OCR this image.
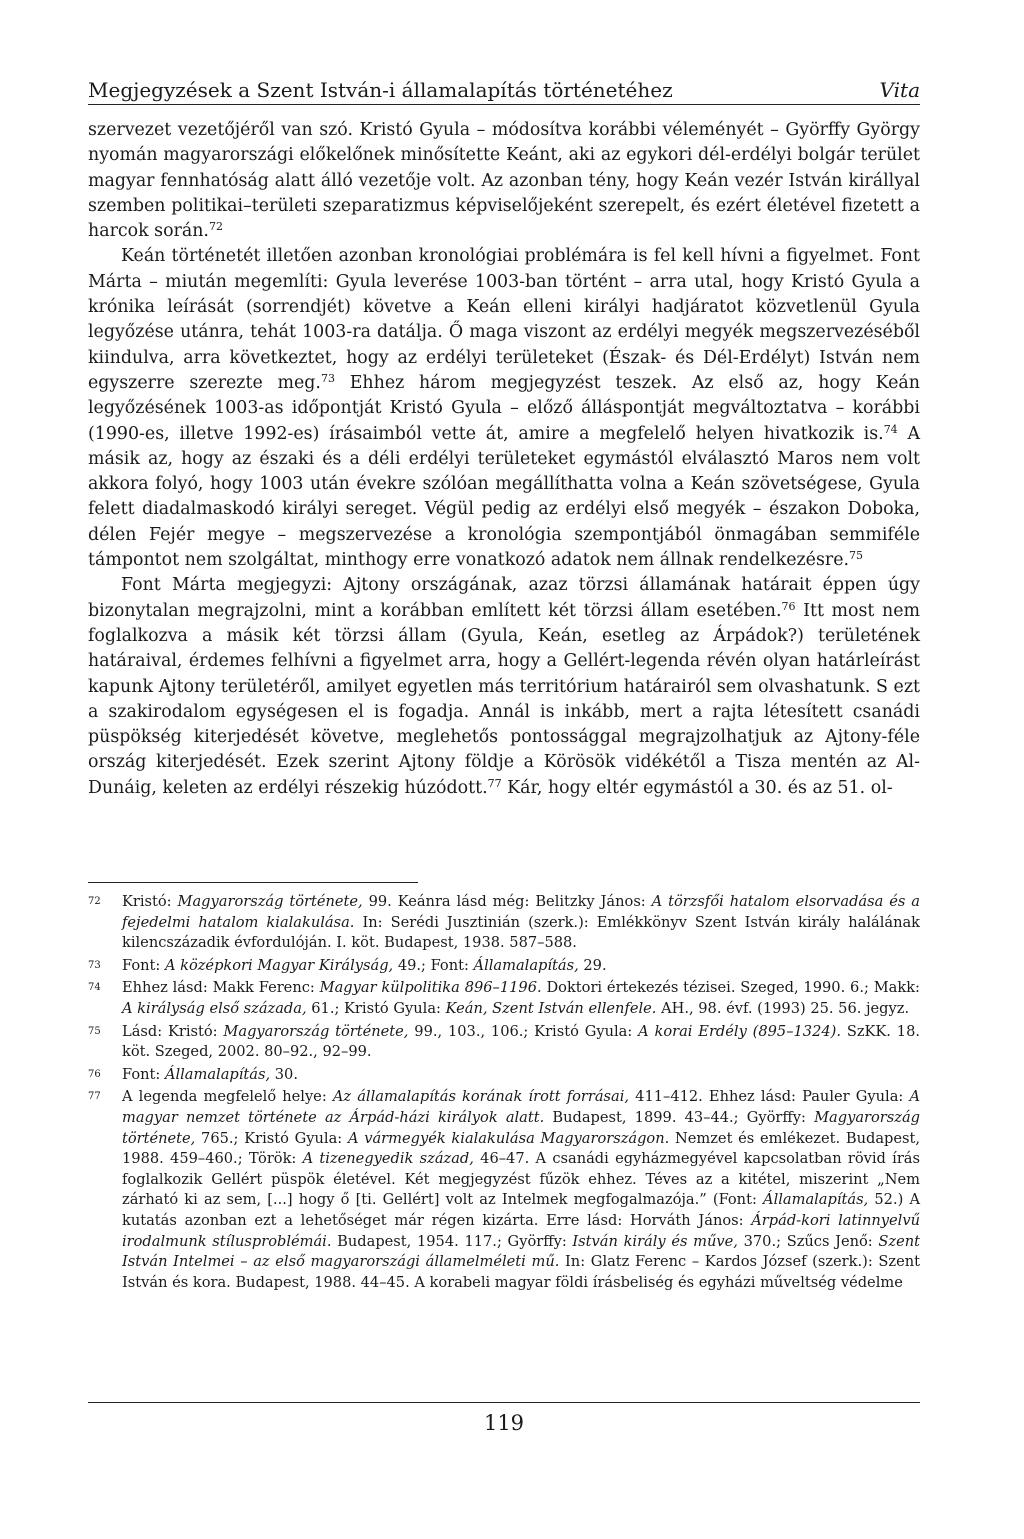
Megjegyzések a Szent István-i államalapítás történetéhez	Vita

szervezet vezetőjéről van szó. Kristó Gyula – módosítva korábbi véleményét – Györffy György nyomán magyarországi előkelőnek minősítette Keánt, aki az egykori dél-erdélyi bolgár terület magyar fennhatóság alatt álló vezetője volt. Az azonban tény, hogy Keán vezér István királlyal szemben politikai–területi szeparatizmus képviselőjeként szerepelt, és ezért életével fizetett a harcok során.$^{72}$

Keán történetét illetően azonban kronológiai problémára is fel kell hívni a figyelmet. Font Márta – miután megemlíti: Gyula leverése 1003-ban történt – arra utal, hogy Kristó Gyula a krónika leírását (sorrendjét) követve a Keán elleni királyi hadjáratot közvetlenül Gyula legyőzése utánra, tehát 1003-ra datálja. Ő maga viszont az erdélyi megyék megszervezéséből kiindulva, arra következtet, hogy az erdélyi területeket (Észak- és Dél-Erdélyt) István nem egyszerre szerezte meg.$^{73}$ Ehhez három megjegyzést teszek. Az első az, hogy Keán legyőzésének 1003-as időpontját Kristó Gyula – előző álláspontját megváltoztatva – korábbi (1990-es, illetve 1992-es) írásaimból vette át, amire a megfelelő helyen hivatkozik is.$^{74}$ A másik az, hogy az északi és a déli erdélyi területeket egymástól elválasztó Maros nem volt akkora folyó, hogy 1003 után évekre szólóan megállíthatta volna a Keán szövetségese, Gyula felett diadalmaskodó királyi sereget. Végül pedig az erdélyi első megyék – északon Doboka, délen Fejér megye – megszervezése a kronológia szempontjából önmagában semmiféle támpontot nem szolgáltat, minthogy erre vonatkozó adatok nem állnak rendelkezésre.$^{75}$

Font Márta megjegyzi: Ajtony országának, azaz törzsi államának határait éppen úgy bizonytalan megrajzolni, mint a korábban említett két törzsi állam esetében.$^{76}$ Itt most nem foglalkozva a másik két törzsi állam (Gyula, Keán, esetleg az Árpádok?) területének határaival, érdemes felhívni a figyelmet arra, hogy a Gellért-legenda révén olyan határleírást kapunk Ajtony területéről, amilyet egyetlen más territórium határairól sem olvashatunk. S ezt a szakirodalom egységesen el is fogadja. Annál is inkább, mert a rajta létesített csanádi püspökség kiterjedését követve, meglehetős pontossággal megrajzolhatjuk az Ajtony-féle ország kiterjedését. Ezek szerint Ajtony földje a Körösök vidékétől a Tisza mentén az Al-Dunáig, keleten az erdélyi részekig húzódott.$^{77}$ Kár, hogy eltér egymástól a 30. és az 51. ol-

72	Kristó: Magyarország története, 99. Keánra lásd még: Belitzky János: A törzsfői hatalom elsorvadása és a fejedelmi hatalom kialakulása. In: Serédi Jusztinián (szerk.): Emlékkönyv Szent István király halálának kilencszázadik évfordulóján. I. köt. Budapest, 1938. 587–588.
73	Font: A középkori Magyar Királyság, 49.; Font: Államalapítás, 29.
74	Ehhez lásd: Makk Ferenc: Magyar külpolitika 896–1196. Doktori értekezés tézisei. Szeged, 1990. 6.; Makk: A királyság első százada, 61.; Kristó Gyula: Keán, Szent István ellenfele. AH., 98. évf. (1993) 25. 56. jegyz.
75	Lásd: Kristó: Magyarország története, 99., 103., 106.; Kristó Gyula: A korai Erdély (895–1324). SzKK. 18. köt. Szeged, 2002. 80–92., 92–99.
76	Font: Államalapítás, 30.
77	A legenda megfelelő helye: Az államalapítás korának írott forrásai, 411–412. Ehhez lásd: Pauler Gyula: A magyar nemzet története az Árpád-házi királyok alatt. Budapest, 1899. 43–44.; Györffy: Magyarország története, 765.; Kristó Gyula: A vármegyék kialakulása Magyarországon. Nemzet és emlékezet. Budapest, 1988. 459–460.; Török: A tizenegyedik század, 46–47. A csanádi egyházmegyével kapcsolatban rövid írás foglalkozik Gellért püspök életével. Két megjegyzést fűzök ehhez. Téves az a kitétel, miszerint „Nem zárható ki az sem, [...] hogy ő [ti. Gellért] volt az Intelmek megfogalmazója.” (Font: Államalapítás, 52.) A kutatás azonban ezt a lehetőséget már régen kizárta. Erre lásd: Horváth János: Árpád-kori latinnyelvű irodalmunk stílusproblémái. Budapest, 1954. 117.; Györffy: István király és műve, 370.; Szűcs Jenő: Szent István Intelmei – az első magyarországi államelméleti mű. In: Glatz Ferenc – Kardos József (szerk.): Szent István és kora. Budapest, 1988. 44–45. A korabeli magyar földi írásbeliség és egyházi műveltség védelme
119
